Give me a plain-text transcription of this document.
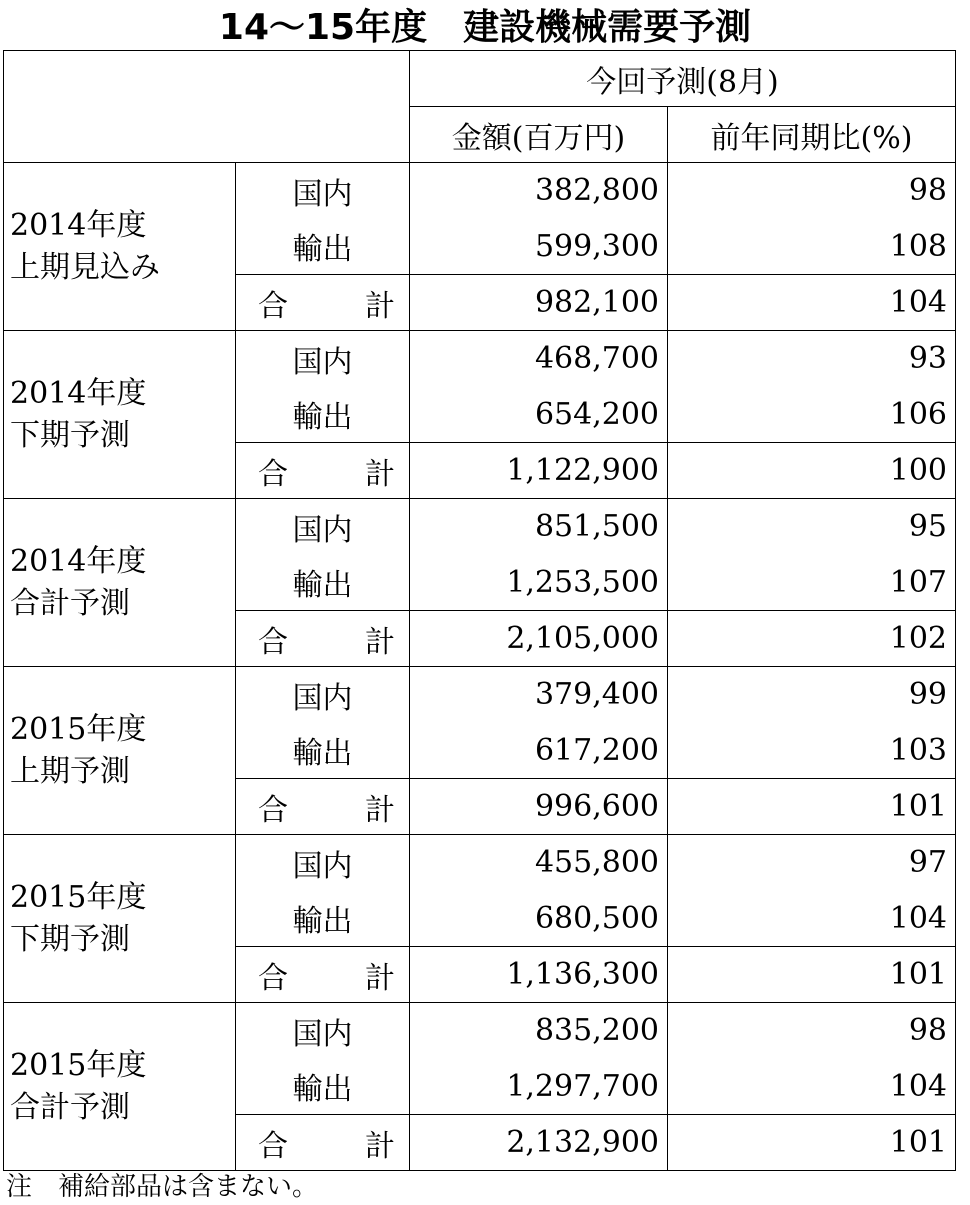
14〜15年度　建設機械需要予測
		今回予測(8月)	
		金額(百万円)	前年同期比(%)

2014年度
上期見込み	国内	382,800	98
	輸出	599,300	108
	合　計	982,100	104

2014年度
下期予測	国内	468,700	93
	輸出	654,200	106
	合　計	1,122,900	100

2014年度
合計予測	国内	851,500	95
	輸出	1,253,500	107
	合　計	2,105,000	102

2015年度
上期予測	国内	379,400	99
	輸出	617,200	103
	合　計	996,600	101

2015年度
下期予測	国内	455,800	97
	輸出	680,500	104
	合　計	1,136,300	101

2015年度
合計予測	国内	835,200	98
	輸出	1,297,700	104
	合　計	2,132,900	101
注　補給部品は含まない。
